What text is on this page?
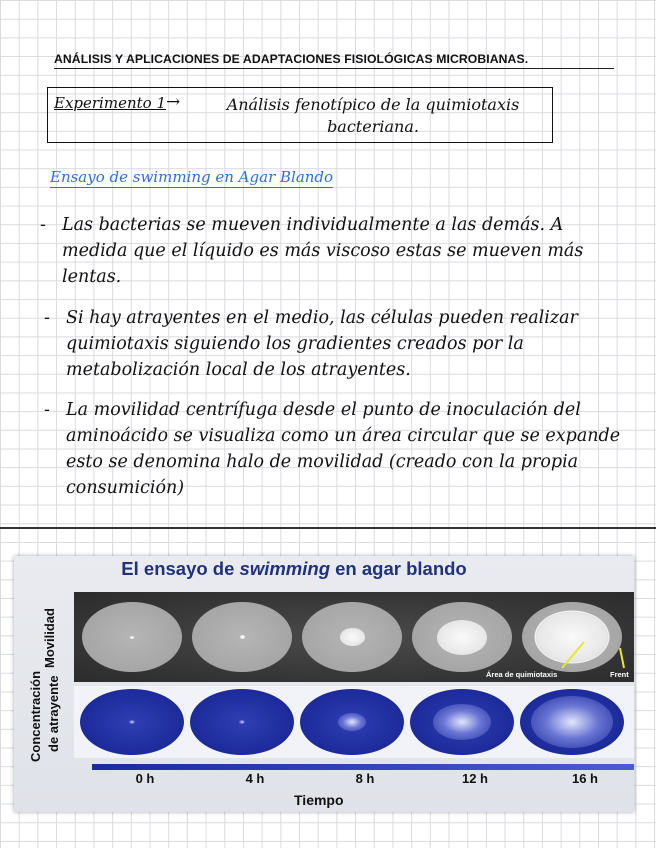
ANÁLISIS Y APLICACIONES DE ADAPTACIONES FISIOLÓGICAS MICROBIANAS.
Experimento 1 →	Análisis fenotípico de la quimiotaxis bacteriana.
Ensayo de swimming en Agar Blando
- Las bacterias se mueven individualmente a las demás. A medida que el líquido es más viscoso estas se mueven más lentas.
- Si hay atrayentes en el medio, las células pueden realizar quimiotaxis siguiendo los gradientes creados por la metabolización local de los atrayentes.
- La movilidad centrífuga desde el punto de inoculación del aminoácido se visualiza como un área circular que se expande esto se denomina halo de movilidad (creado con la propia consumición)
El ensayo de swimming en agar blando
Movilidad
Concentración de atrayente
Área de quimiotaxis	Frent
0 h	4 h	8 h	12 h	16 h
Tiempo
